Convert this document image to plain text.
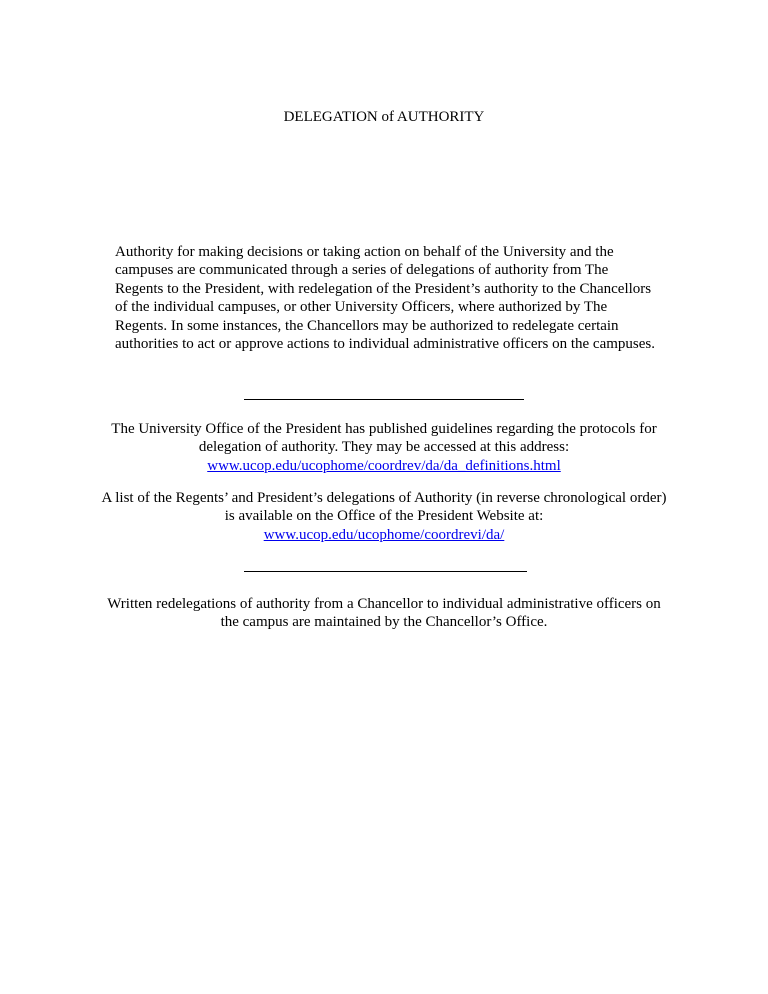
DELEGATION of AUTHORITY

Authority for making decisions or taking action on behalf of the University and the campuses are communicated through a series of delegations of authority from The Regents to the President, with redelegation of the President’s authority to the Chancellors of the individual campuses, or other University Officers, where authorized by The Regents. In some instances, the Chancellors may be authorized to redelegate certain authorities to act or approve actions to individual administrative officers on the campuses.

The University Office of the President has published guidelines regarding the protocols for delegation of authority. They may be accessed at this address:
www.ucop.edu/ucophome/coordrev/da/da_definitions.html
A list of the Regents’ and President’s delegations of Authority (in reverse chronological order) is available on the Office of the President Website at:
www.ucop.edu/ucophome/coordrevi/da/

Written redelegations of authority from a Chancellor to individual administrative officers on the campus are maintained by the Chancellor’s Office.
